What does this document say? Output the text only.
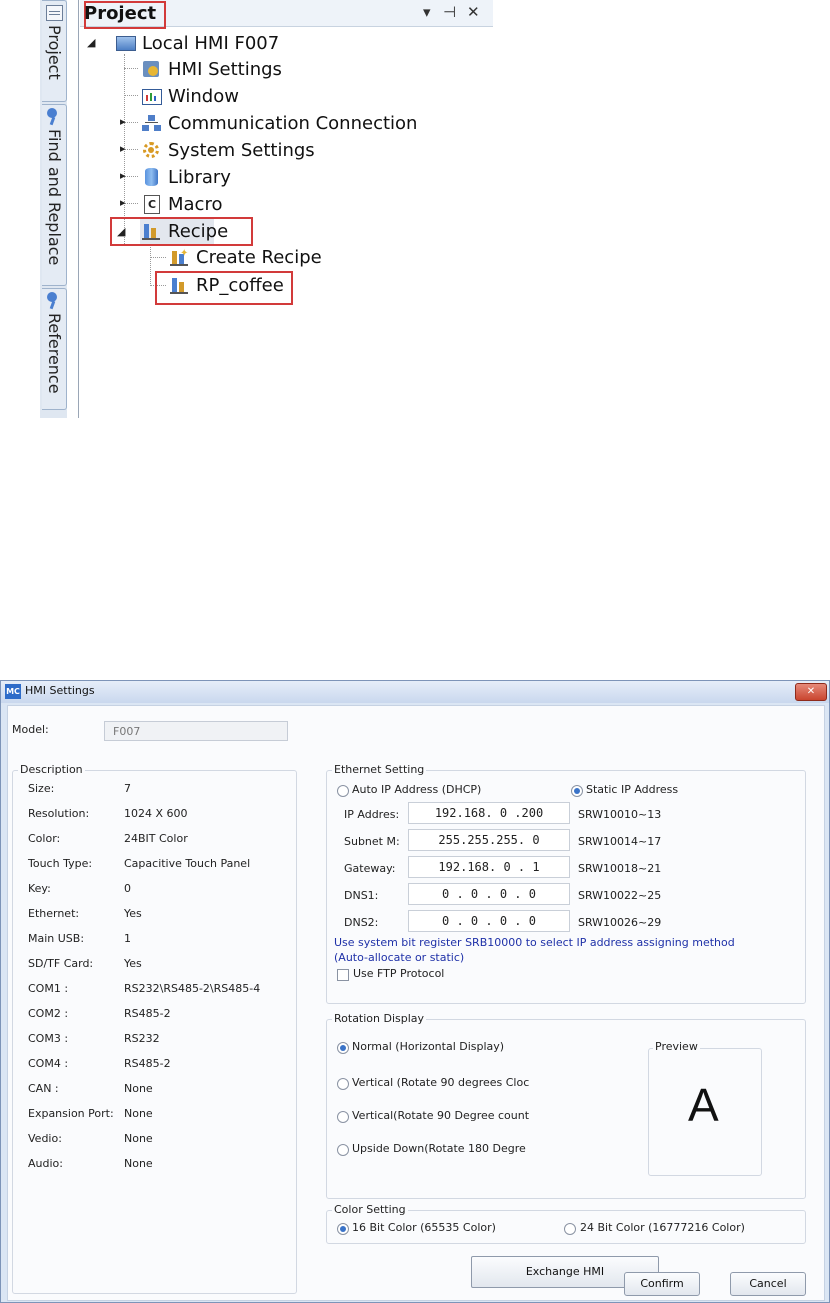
Project
Find and Replace
Reference
Project	▾ ⊣ ✕
◢	Local HMI F007
HMI Settings
Window
▸ Communication Connection
▸ System Settings
▸ Library
▸	C Macro
◢ Recipe
✦ Create Recipe
RP_coffee
MC HMI Settings	✕
Model:	F007
Description
Size:	7
Resolution:	1024 X 600
Color:	24BIT Color
Touch Type:	Capacitive Touch Panel
Key:	0
Ethernet:	Yes
Main USB:	1
SD/TF Card:	Yes
COM1 :	RS232\RS485-2\RS485-4
COM2 :	RS485-2
COM3 :	RS232
COM4 :	RS485-2
CAN :	None
Expansion Port: None
Vedio:	None
Audio:	None
Ethernet Setting
Auto IP Address (DHCP)	Static IP Address
IP Addres:	192.168. 0 .200	SRW10010~13
Subnet M:	255.255.255. 0	SRW10014~17
Gateway:	192.168. 0 . 1	SRW10018~21
DNS1:	0 . 0 . 0 . 0	SRW10022~25
DNS2:	0 . 0 . 0 . 0	SRW10026~29
Use system bit register SRB10000 to select IP address assigning method
(Auto-allocate or static)
Use FTP Protocol
Rotation Display
Normal (Horizontal Display)
Vertical (Rotate 90 degrees Cloc
Vertical(Rotate 90 Degree count
Upside Down(Rotate 180 Degre
Preview
A
Color Setting
16 Bit Color (65535 Color)	24 Bit Color (16777216 Color)
Exchange HMI
Confirm	Cancel
